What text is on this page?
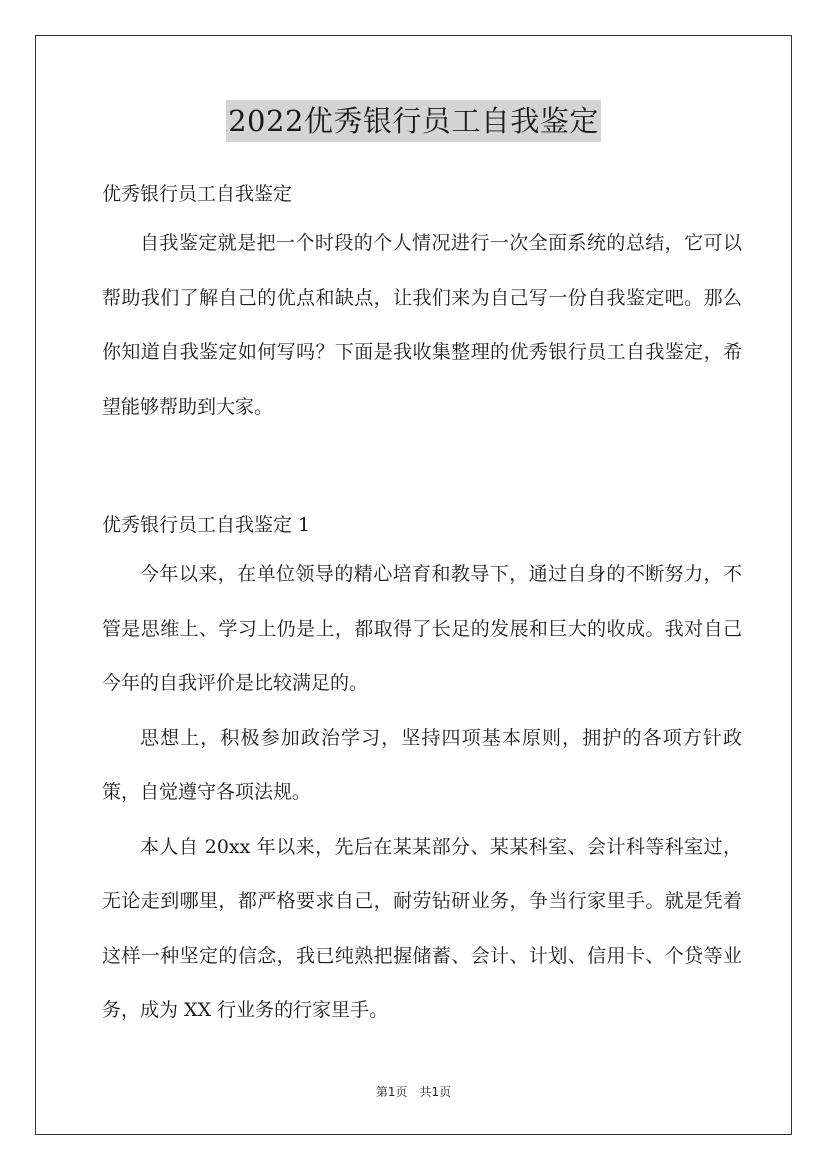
2022优秀银行员工自我鉴定

优秀银行员工自我鉴定

自我鉴定就是把一个时段的个人情况进行一次全面系统的总结，它可以帮助我们了解自己的优点和缺点，让我们来为自己写一份自我鉴定吧。那么你知道自我鉴定如何写吗？下面是我收集整理的优秀银行员工自我鉴定，希望能够帮助到大家。

优秀银行员工自我鉴定 1

今年以来，在单位领导的精心培育和教导下，通过自身的不断努力，不管是思维上、学习上仍是上，都取得了长足的发展和巨大的收成。我对自己今年的自我评价是比较满足的。

思想上，积极参加政治学习，坚持四项基本原则，拥护的各项方针政策，自觉遵守各项法规。

本人自 20xx 年以来，先后在某某部分、某某科室、会计科等科室过，无论走到哪里，都严格要求自己，耐劳钻研业务，争当行家里手。就是凭着这样一种坚定的信念，我已纯熟把握储蓄、会计、计划、信用卡、个贷等业务，成为 XX 行业务的行家里手。

第1页 共1页
